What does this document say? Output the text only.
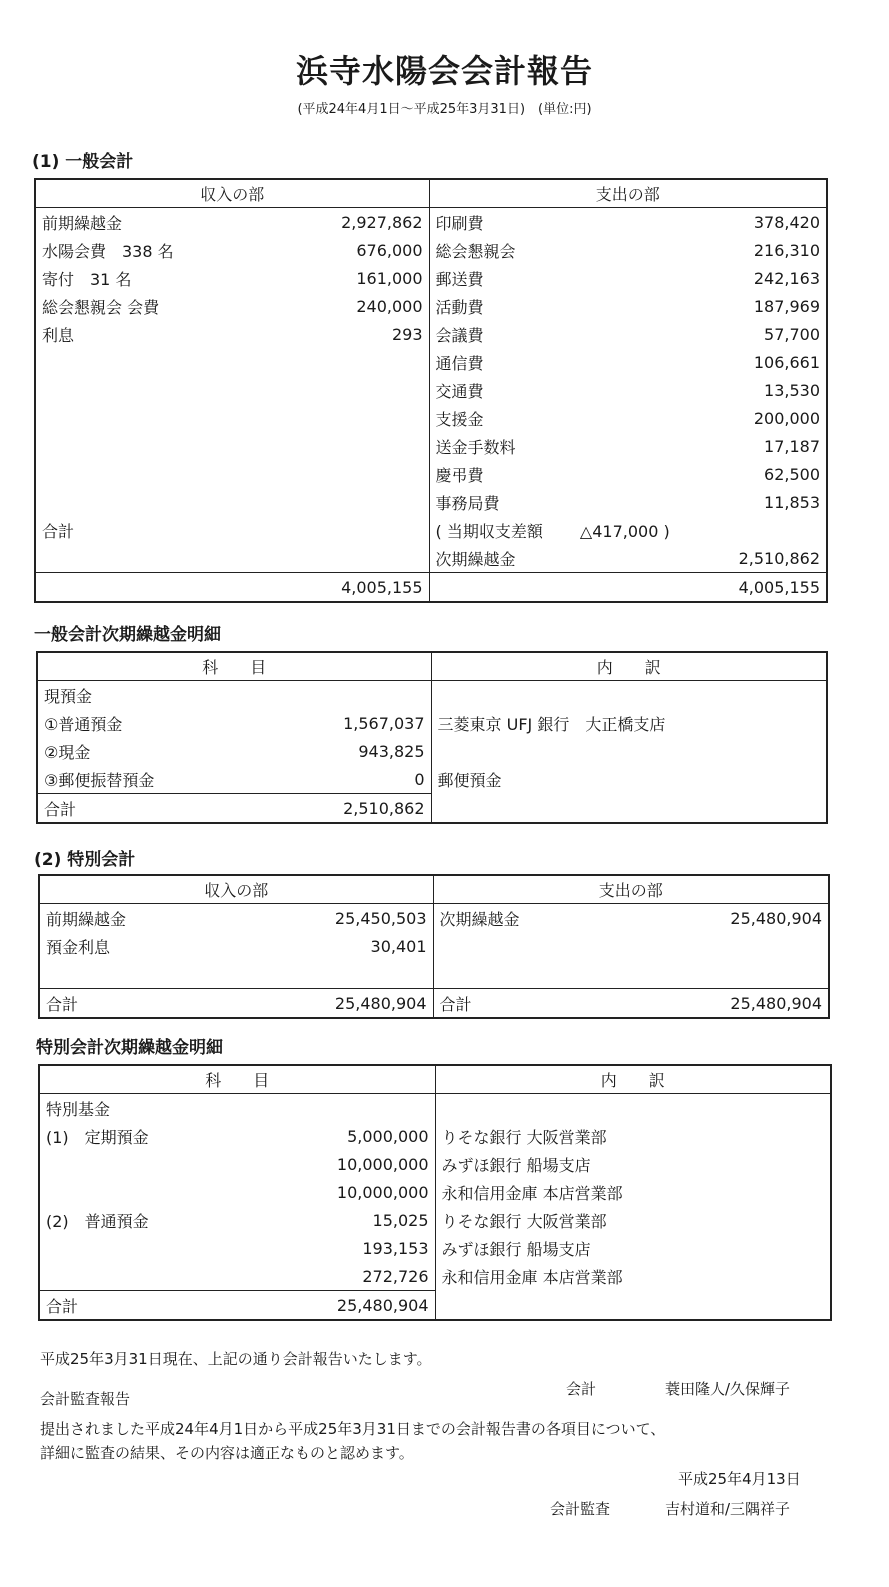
浜寺水陽会会計報告
(平成24年4月1日～平成25年3月31日)　(単位:円)
(1) 一般会計
収入の部		支出の部	
前期繰越金	2,927,862	印刷費	378,420
水陽会費　338 名	676,000	総会懇親会	216,310
寄付　31 名	161,000	郵送費	242,163
総会懇親会 会費	240,000	活動費	187,969
利息	293	会議費	57,700
		通信費	106,661
		交通費	13,530
		支援金	200,000
		送金手数料	17,187
		慶弔費	62,500
		事務局費	11,853
合計		( 当期収支差額　　 △417,000 )	
		次期繰越金	2,510,862
	4,005,155		4,005,155
一般会計次期繰越金明細
科　　目		内　　訳
現預金		
①普通預金	1,567,037	三菱東京 UFJ 銀行　大正橋支店
②現金	943,825	
③郵便振替預金	0	郵便預金
合計	2,510,862	
(2) 特別会計
収入の部		支出の部	
前期繰越金	25,450,503	次期繰越金	25,480,904
預金利息	30,401		

合計	25,480,904	合計	25,480,904
特別会計次期繰越金明細
科　　目		内　　訳
特別基金		
(1)　定期預金	5,000,000	りそな銀行 大阪営業部
	10,000,000	みずほ銀行 船場支店
	10,000,000	永和信用金庫 本店営業部
(2)　普通預金	15,025	りそな銀行 大阪営業部
	193,153	みずほ銀行 船場支店
	272,726	永和信用金庫 本店営業部
合計	25,480,904	
平成25年3月31日現在、上記の通り会計報告いたします。
会計	蓑田隆人/久保輝子
会計監査報告
提出されました平成24年4月1日から平成25年3月31日までの会計報告書の各項目について、
詳細に監査の結果、その内容は適正なものと認めます。
平成25年4月13日
会計監査	吉村道和/三隅祥子
